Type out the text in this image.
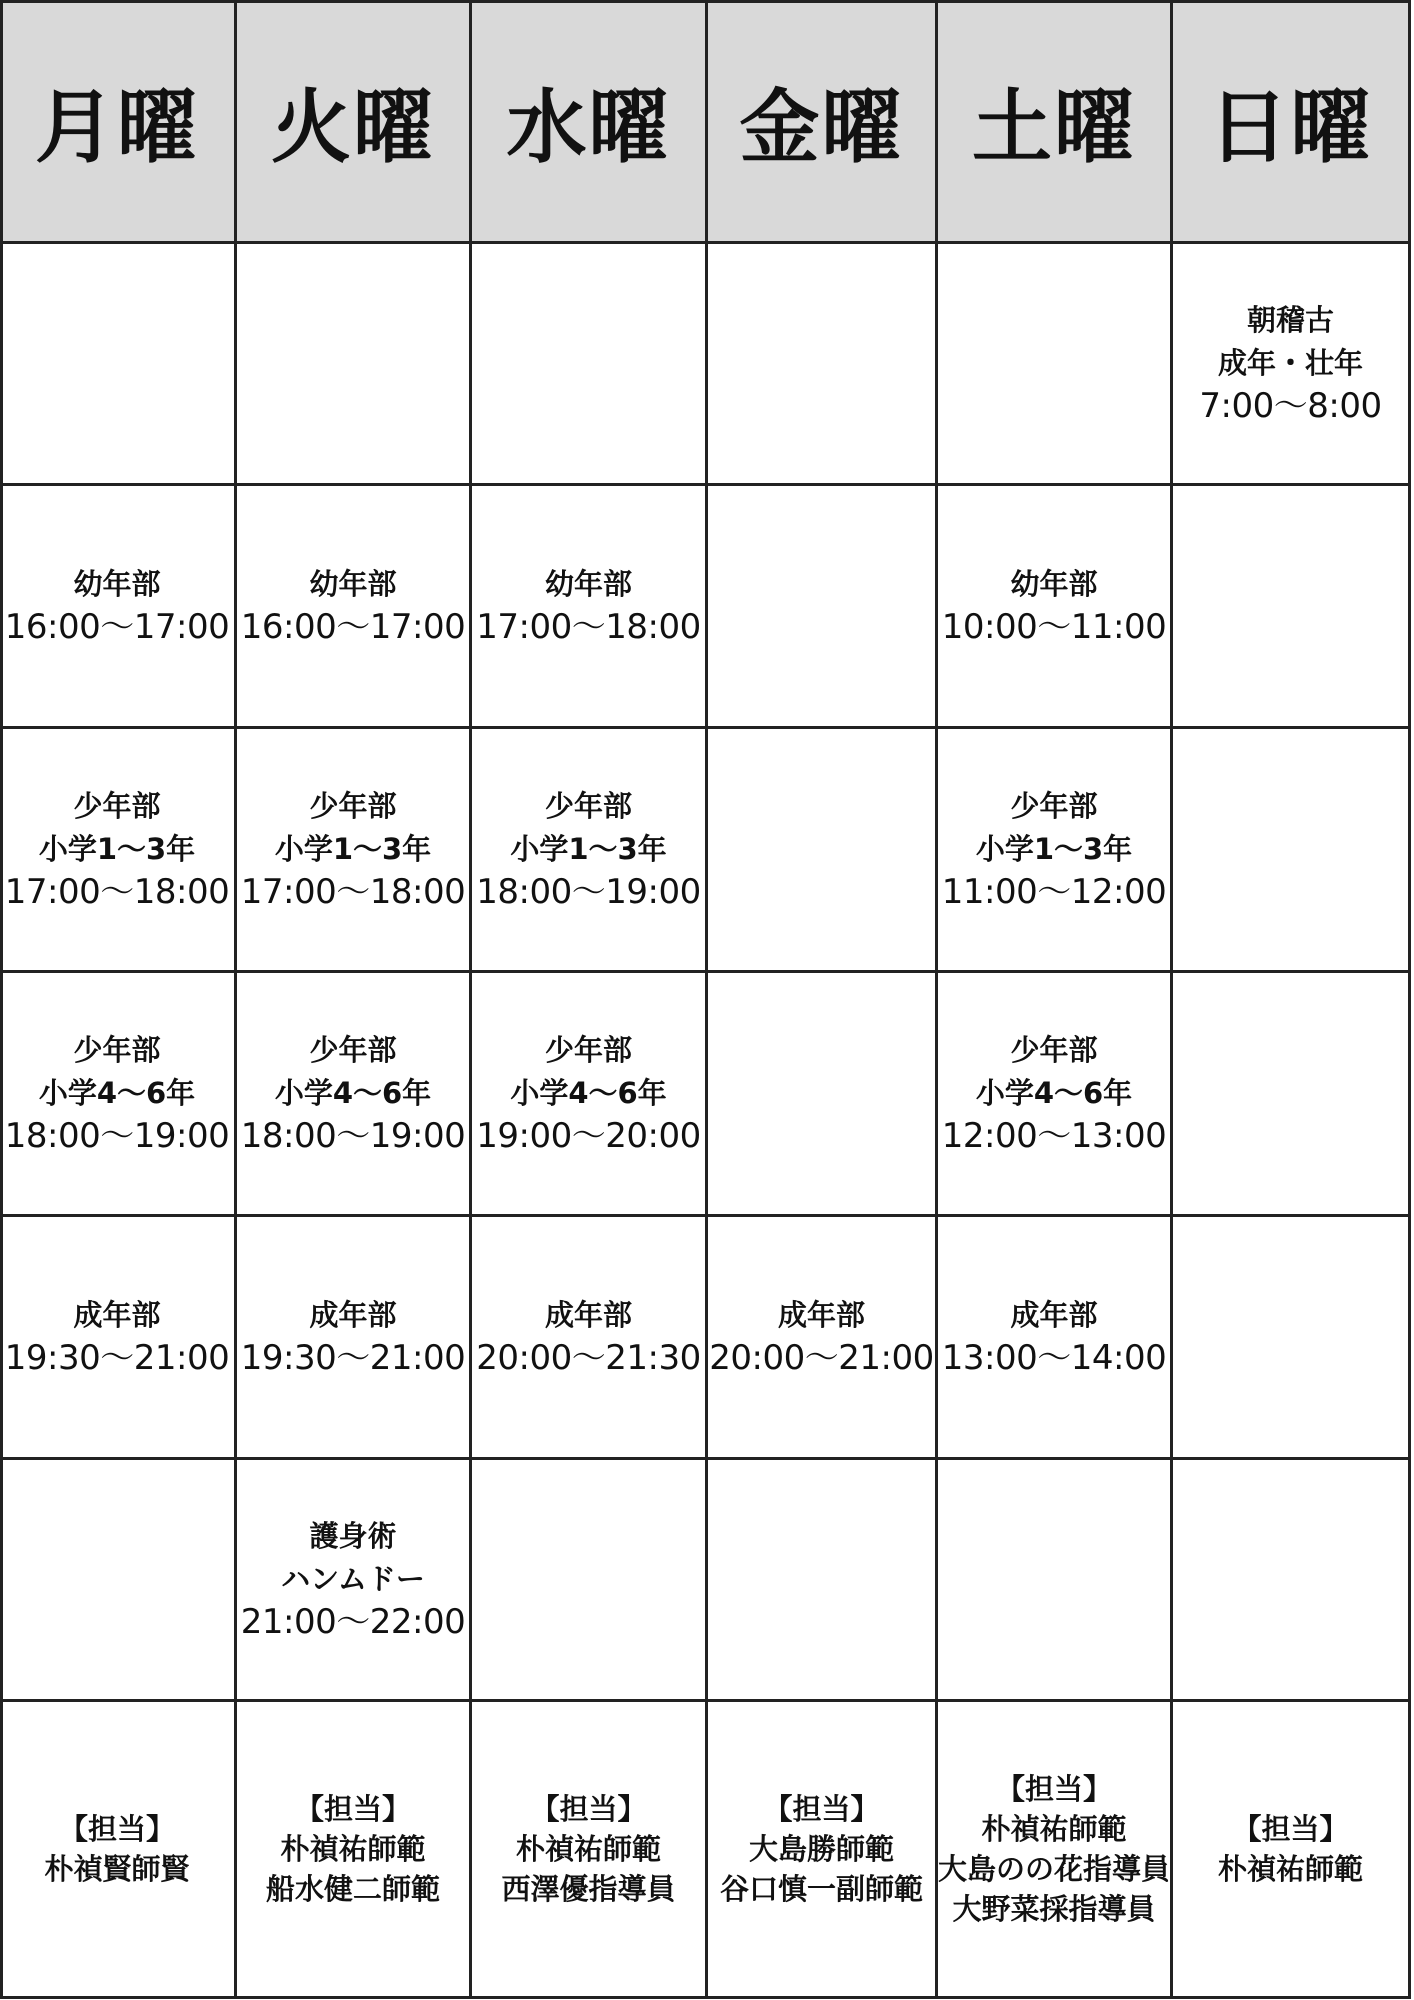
月曜 火曜 水曜 金曜 土曜 日曜
朝稽古
成年・壮年
7:00〜8:00
幼年部
16:00〜17:00
幼年部
16:00〜17:00
幼年部
17:00〜18:00
幼年部
10:00〜11:00
少年部
小学1〜3年
17:00〜18:00
少年部
小学1〜3年
17:00〜18:00
少年部
小学1〜3年
18:00〜19:00
少年部
小学1〜3年
11:00〜12:00
少年部
小学4〜6年
18:00〜19:00
少年部
小学4〜6年
18:00〜19:00
少年部
小学4〜6年
19:00〜20:00
少年部
小学4〜6年
12:00〜13:00
成年部
19:30〜21:00
成年部
19:30〜21:00
成年部
20:00〜21:30
成年部
20:00〜21:00
成年部
13:00〜14:00
護身術
ハンムドー
21:00〜22:00
【担当】
朴禎賢師賢
【担当】
朴禎祐師範
船水健二師範
【担当】
朴禎祐師範
西澤優指導員
【担当】
大島勝師範
谷口慎一副師範
【担当】
朴禎祐師範
大島のの花指導員
大野菜採指導員
【担当】
朴禎祐師範
